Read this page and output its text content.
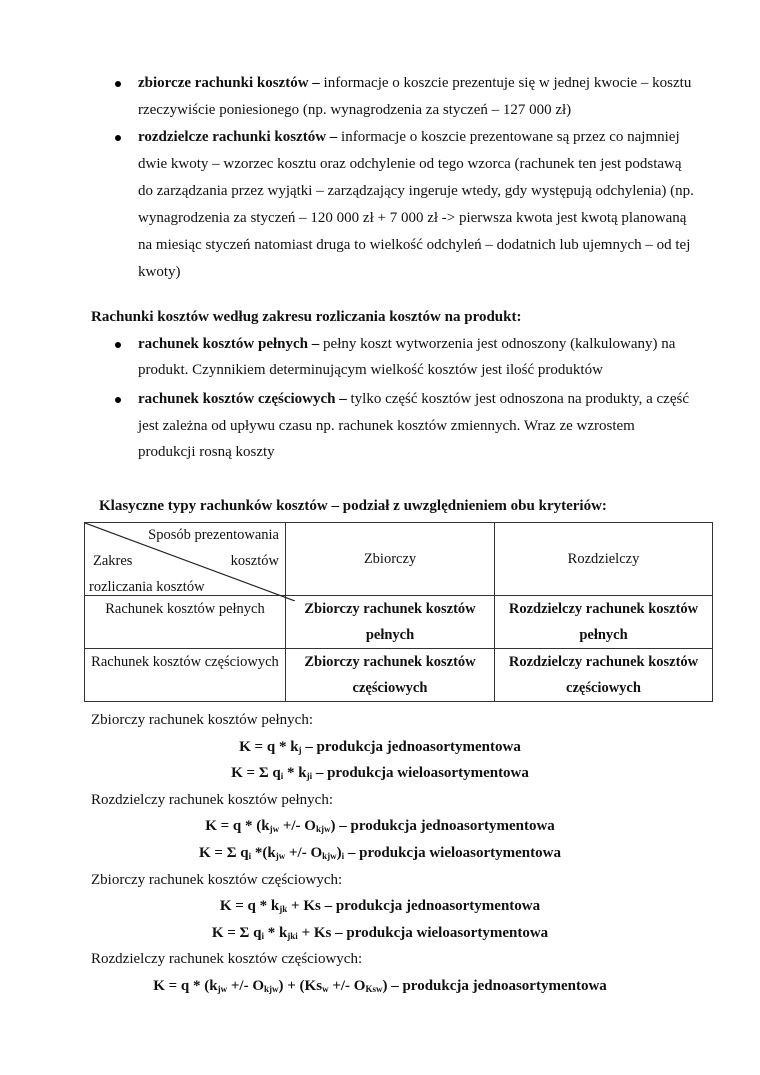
zbiorcze rachunki kosztów – informacje o koszcie prezentuje się w jednej kwocie – kosztu
rzeczywiście poniesionego (np. wynagrodzenia za styczeń – 127 000 zł)
rozdzielcze rachunki kosztów – informacje o koszcie prezentowane są przez co najmniej
dwie kwoty – wzorzec kosztu oraz odchylenie od tego wzorca (rachunek ten jest podstawą
do zarządzania przez wyjątki – zarządzający ingeruje wtedy, gdy występują odchylenia) (np.
wynagrodzenia za styczeń – 120 000 zł + 7 000 zł -> pierwsza kwota jest kwotą planowaną
na miesiąc styczeń natomiast druga to wielkość odchyleń – dodatnich lub ujemnych – od tej
kwoty)
Rachunki kosztów według zakresu rozliczania kosztów na produkt:
rachunek kosztów pełnych – pełny koszt wytworzenia jest odnoszony (kalkulowany) na
produkt. Czynnikiem determinującym wielkość kosztów jest ilość produktów
rachunek kosztów częściowych – tylko część kosztów jest odnoszona na produkty, a część
jest zależna od upływu czasu np. rachunek kosztów zmiennych. Wraz ze wzrostem
produkcji rosną koszty
Klasyczne typy rachunków kosztów – podział z uwzględnieniem obu kryteriów:
Zbiorczy rachunek kosztów pełnych:
$K = q * k_j$ – produkcja jednoasortymentowa
K = Σ $q_i * k_{ji}$ – produkcja wieloasortymentowa
Rozdzielczy rachunek kosztów pełnych:
$K = q * (k_{jw}$ +/- $O_{kjw}$) – produkcja jednoasortymentowa
K = Σ $q_i$ $*(k_{jw}$ +/- $O_{kjw})_i$ – produkcja wieloasortymentowa
Zbiorczy rachunek kosztów częściowych:
$K = q * k_{jk} + Ks$ – produkcja jednoasortymentowa
K = Σ $q_i * k_{jki} + Ks$ – produkcja wieloasortymentowa
Rozdzielczy rachunek kosztów częściowych:
$K = q * (k_{jw}$ +/- $O_{kjw}) + (Ks_w$ +/- $O_{Ksw}$) – produkcja jednoasortymentowa
Sposób prezentowania
Zakres kosztów
rozliczania kosztów	Zbiorczy	Rozdzielczy
Rachunek kosztów pełnych	Zbiorczy rachunek kosztów pełnych	Rozdzielczy rachunek kosztów pełnych
Rachunek kosztów częściowych	Zbiorczy rachunek kosztów częściowych	Rozdzielczy rachunek kosztów częściowych
